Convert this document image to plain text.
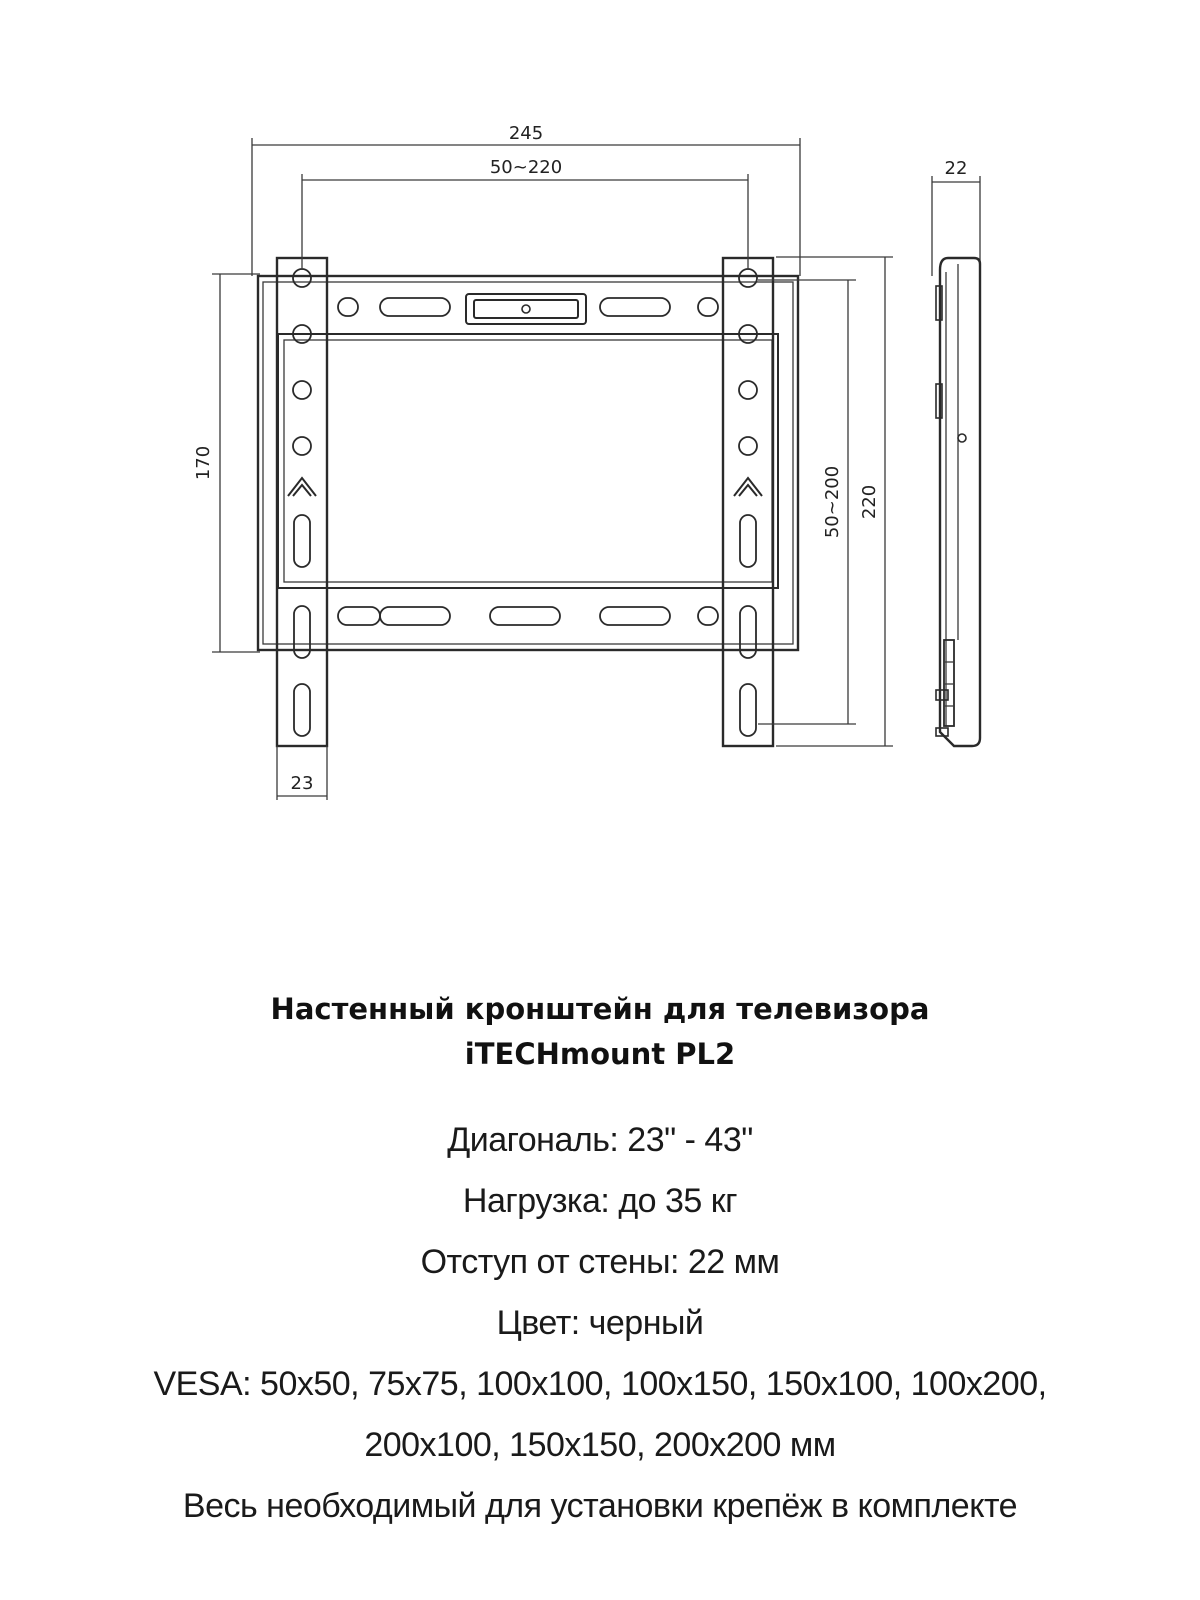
245
50~220
170
50~200 220
23
22
Настенный кронштейн для телевизора
iTECHmount PL2
Диагональ: 23" - 43"
Нагрузка: до 35 кг
Отступ от стены: 22 мм
Цвет: черный
VESA: 50x50, 75x75, 100x100, 100x150, 150x100, 100x200,
200x100, 150x150, 200x200 мм
Весь необходимый для установки крепёж в комплекте
